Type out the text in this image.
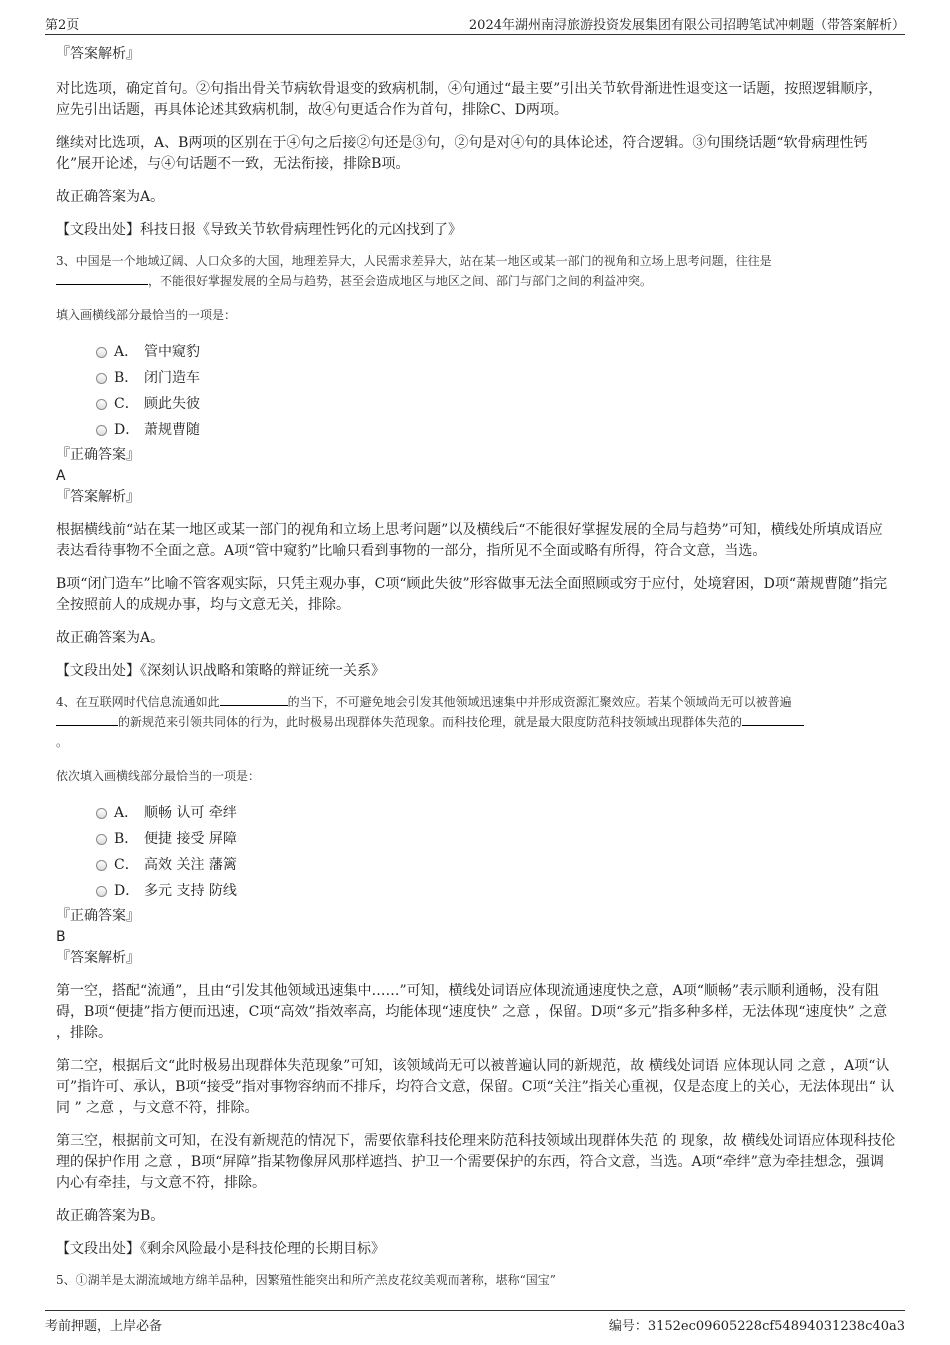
第2页	2024年湖州南浔旅游投资发展集团有限公司招聘笔试冲刺题（带答案解析）
『答案解析』

对比选项，确定首句。②句指出骨关节病软骨退变的致病机制，④句通过“最主要”引出关节软骨渐进性退变这一话题，按照逻辑顺序，应先引出话题，再具体论述其致病机制，故④句更适合作为首句，排除C、D两项。

继续对比选项，A、B两项的区别在于④句之后接②句还是③句，②句是对④句的具体论述，符合逻辑。③句围绕话题“软骨病理性钙化”展开论述，与④句话题不一致，无法衔接，排除B项。

故正确答案为A。

【文段出处】科技日报《导致关节软骨病理性钙化的元凶找到了》

3、中国是一个地域辽阔、人口众多的大国，地理差异大，人民需求差异大，站在某一地区或某一部门的视角和立场上思考问题，往往是
，不能很好掌握发展的全局与趋势，甚至会造成地区与地区之间、部门与部门之间的利益冲突。
填入画横线部分最恰当的一项是：
A． 管中窥豹
B． 闭门造车
C． 顾此失彼
D． 萧规曹随
『正确答案』
A
『答案解析』

根据横线前“站在某一地区或某一部门的视角和立场上思考问题”以及横线后“不能很好掌握发展的全局与趋势”可知，横线处所填成语应表达看待事物不全面之意。A项“管中窥豹”比喻只看到事物的一部分，指所见不全面或略有所得，符合文意，当选。

B项“闭门造车”比喻不管客观实际，只凭主观办事，C项“顾此失彼”形容做事无法全面照顾或穷于应付，处境窘困，D项“萧规曹随”指完全按照前人的成规办事，均与文意无关，排除。

故正确答案为A。

【文段出处】《深刻认识战略和策略的辩证统一关系》

4、在互联网时代信息流通如此	的当下，不可避免地会引发其他领域迅速集中并形成资源汇聚效应。若某个领域尚无可以被普遍
的新规范来引领共同体的行为，此时极易出现群体失范现象。而科技伦理，就是最大限度防范科技领域出现群体失范的
。
依次填入画横线部分最恰当的一项是：
A． 顺畅 认可 牵绊
B． 便捷 接受 屏障
C． 高效 关注 藩篱
D． 多元 支持 防线
『正确答案』
B
『答案解析』

第一空，搭配“流通”，且由“引发其他领域迅速集中……”可知，横线处词语应体现流通速度快之意，A项“顺畅”表示顺利通畅，没有阻碍，B项“便捷”指方便而迅速，C项“高效”指效率高，均能体现“速度快” 之意 ，保留。D项“多元”指多种多样，无法体现“速度快” 之意 ，排除。

第二空，根据后文“此时极易出现群体失范现象”可知，该领域尚无可以被普遍认同的新规范，故 横线处词语 应体现认同 之意 ，A项“认可”指许可、承认，B项“接受”指对事物容纳而不排斥，均符合文意，保留。C项“关注”指关心重视，仅是态度上的关心，无法体现出“ 认同 ” 之意 ，与文意不符，排除。

第三空，根据前文可知，在没有新规范的情况下，需要依靠科技伦理来防范科技领域出现群体失范 的 现象，故 横线处词语应体现科技伦理的保护作用 之意 ，B项“屏障”指某物像屏风那样遮挡、护卫一个需要保护的东西，符合文意，当选。A项“牵绊”意为牵挂想念，强调内心有牵挂，与文意不符，排除。

故正确答案为B。

【文段出处】《剩余风险最小是科技伦理的长期目标》

5、①湖羊是太湖流域地方绵羊品种，因繁殖性能突出和所产羔皮花纹美观而著称，堪称“国宝”
考前押题，上岸必备	编号：3152ec09605228cf54894031238c40a3
